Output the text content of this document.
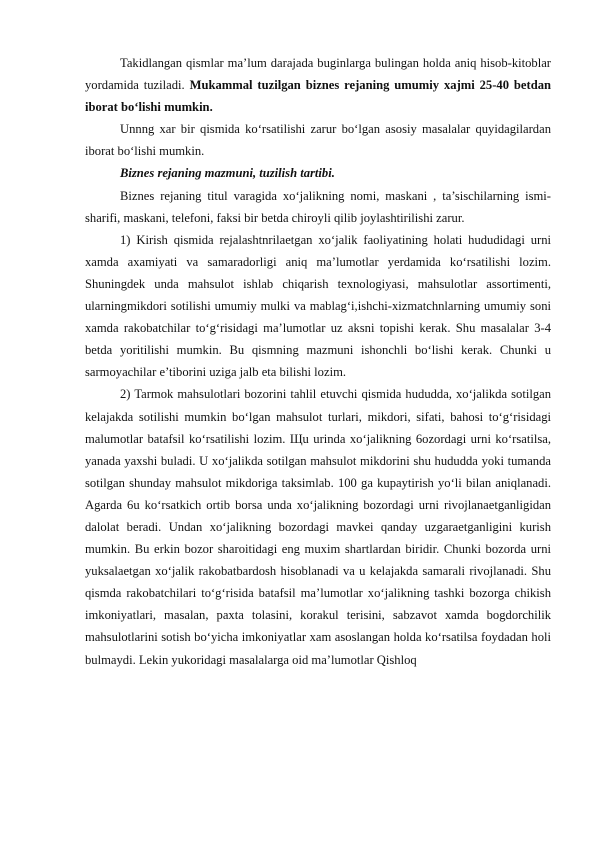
Takidlangan qismlar ma’lum darajada buginlarga bulingan holda aniq hisob-kitoblar yordamida tuziladi. Mukammal tuzilgan biznes rejaning umumiy xajmi 25-40 betdan iborat bo‘lishi mumkin.

Unnng xar bir qismida ko‘rsatilishi zarur bo‘lgan asosiy masalalar quyidagilardan iborat bo‘lishi mumkin.

Biznes rejaning mazmuni, tuzilish tartibi.

Biznes rejaning titul varagida xo‘jalikning nomi, maskani , ta’sischilarning ismi-sharifi, maskani, telefoni, faksi bir betda chiroyli qilib joylashtirilishi zarur.

1) Kirish qismida rejalashtnrilaetgan xo‘jalik faoliyatining holati hududidagi urni xamda axamiyati va samaradorligi aniq ma’lumotlar yerdamida ko‘rsatilishi lozim. Shuningdek unda mahsulot ishlab chiqarish texnologiyasi, mahsulotlar assortimenti, ularningmikdori sotilishi umumiy mulki va mablag‘i,ishchi-xizmatchnlarning umumiy soni xamda rakobatchilar to‘g‘risidagi ma’lumotlar uz aksni topishi kerak. Shu masalalar 3-4 betda yoritilishi mumkin. Bu qismning mazmuni ishonchli bo‘lishi kerak. Chunki u sarmoyachilar e’tiborini uziga jalb eta bilishi lozim.

2) Tarmok mahsulotlari bozorini tahlil etuvchi qismida hududda, xo‘jalikda sotilgan kelajakda sotilishi mumkin bo‘lgan mahsulot turlari, mikdori, sifati, bahosi to‘g‘risidagi malumotlar batafsil ko‘rsatilishi lozim. Щu urinda xo‘jalikning 6ozordagi urni ko‘rsatilsa, yanada yaxshi buladi. U xo‘jalikda sotilgan mahsulot mikdorini shu hududda yoki tumanda sotilgan shunday mahsulot mikdoriga taksimlab. 100 ga kupaytirish yo‘li bilan aniqlanadi. Agarda 6u ko‘rsatkich ortib borsa unda xo‘jalikning bozordagi urni rivojlanaetganligidan dalolat beradi. Undan xo‘jalikning bozordagi mavkei qanday uzgaraetganligini kurish mumkin. Bu erkin bozor sharoitidagi eng muxim shartlardan biridir. Chunki bozorda urni yuksalaetgan xo‘jalik rakobatbardosh hisoblanadi va u kelajakda samarali rivojlanadi. Shu qismda rakobatchilari to‘g‘risida batafsil ma’lumotlar xo‘jalikning tashki bozorga chikish imkoniyatlari, masalan, paxta tolasini, korakul terisini, sabzavot xamda bogdorchilik mahsulotlarini sotish bo‘yicha imkoniyatlar xam asoslangan holda ko‘rsatilsa foydadan holi bulmaydi. Lekin yukoridagi masalalarga oid ma’lumotlar Qishloq
